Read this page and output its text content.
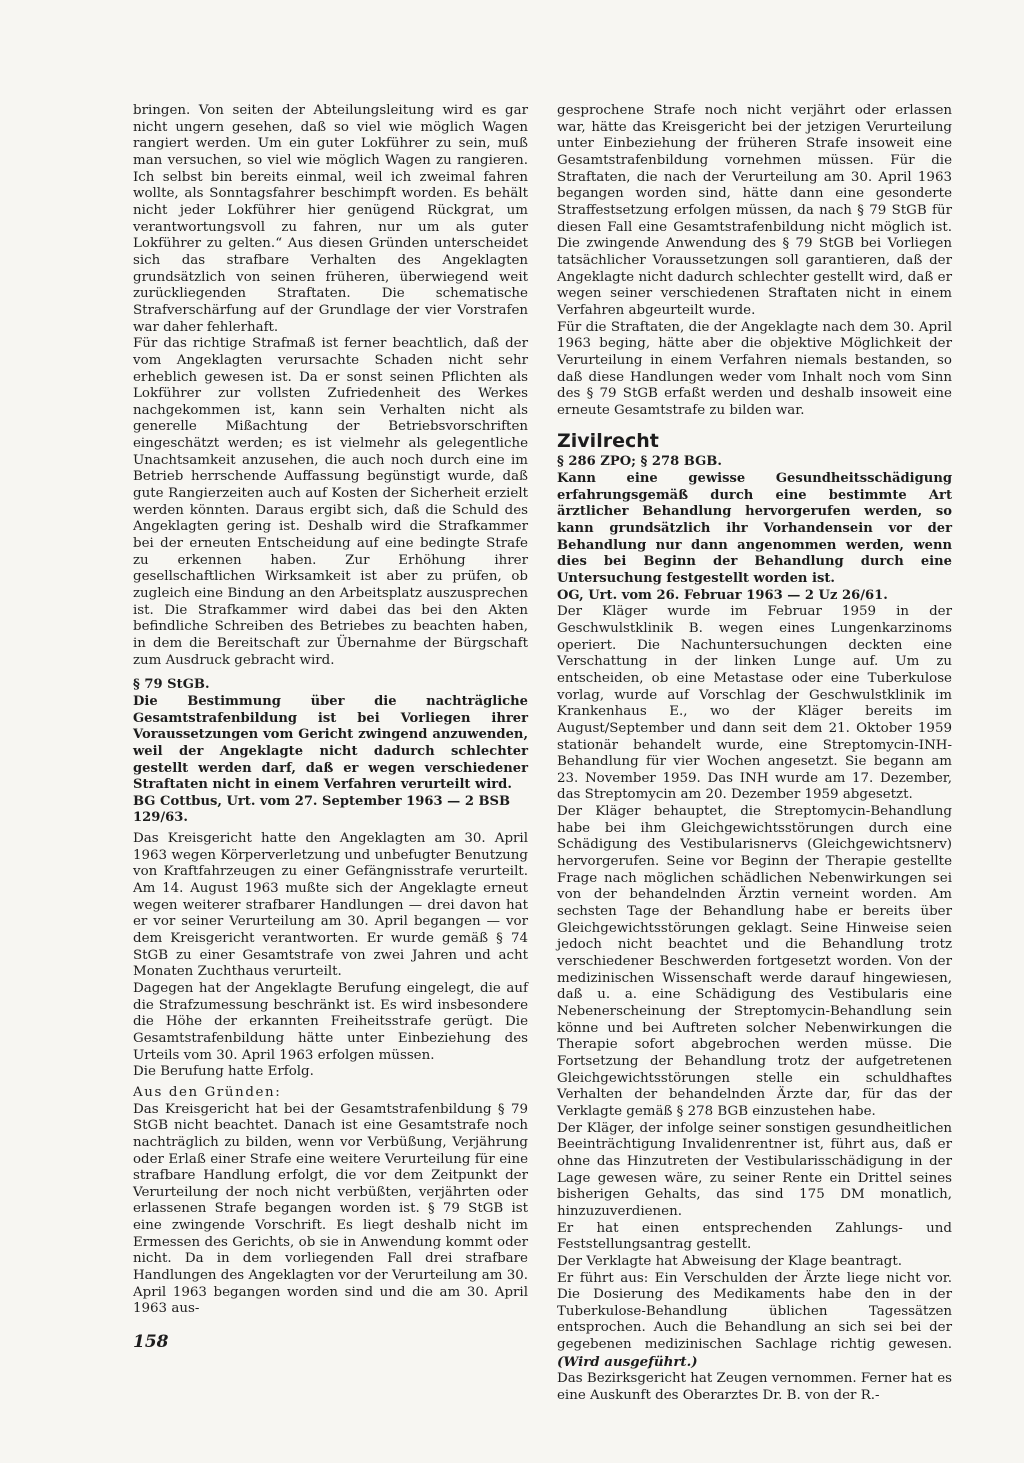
bringen. Von seiten der Abteilungsleitung wird es gar nicht ungern gesehen, daß so viel wie möglich Wagen rangiert werden. Um ein guter Lokführer zu sein, muß man versuchen, so viel wie möglich Wagen zu rangieren. Ich selbst bin bereits einmal, weil ich zweimal fahren wollte, als Sonntagsfahrer beschimpft worden. Es behält nicht jeder Lokführer hier genügend Rückgrat, um verantwortungsvoll zu fahren, nur um als guter Lokführer zu gelten.“ Aus diesen Gründen unterscheidet sich das strafbare Verhalten des Angeklagten grundsätzlich von seinen früheren, überwiegend weit zurückliegenden Straftaten. Die schematische Strafverschärfung auf der Grundlage der vier Vorstrafen war daher fehlerhaft.

Für das richtige Strafmaß ist ferner beachtlich, daß der vom Angeklagten verursachte Schaden nicht sehr erheblich gewesen ist. Da er sonst seinen Pflichten als Lokführer zur vollsten Zufriedenheit des Werkes nachgekommen ist, kann sein Verhalten nicht als generelle Mißachtung der Betriebsvorschriften eingeschätzt werden; es ist vielmehr als gelegentliche Unachtsamkeit anzusehen, die auch noch durch eine im Betrieb herrschende Auffassung begünstigt wurde, daß gute Rangierzeiten auch auf Kosten der Sicherheit erzielt werden könnten. Daraus ergibt sich, daß die Schuld des Angeklagten gering ist. Deshalb wird die Strafkammer bei der erneuten Entscheidung auf eine bedingte Strafe zu erkennen haben. Zur Erhöhung ihrer gesellschaftlichen Wirksamkeit ist aber zu prüfen, ob zugleich eine Bindung an den Arbeitsplatz auszusprechen ist. Die Strafkammer wird dabei das bei den Akten befindliche Schreiben des Betriebes zu beachten haben, in dem die Bereitschaft zur Übernahme der Bürgschaft zum Ausdruck gebracht wird.

§ 79 StGB.

Die Bestimmung über die nachträgliche Gesamtstrafenbildung ist bei Vorliegen ihrer Voraussetzungen vom Gericht zwingend anzuwenden, weil der Angeklagte nicht dadurch schlechter gestellt werden darf, daß er wegen verschiedener Straftaten nicht in einem Verfahren verurteilt wird.

BG Cottbus, Urt. vom 27. September 1963 — 2 BSB 129/63.

Das Kreisgericht hatte den Angeklagten am 30. April 1963 wegen Körperverletzung und unbefugter Benutzung von Kraftfahrzeugen zu einer Gefängnisstrafe verurteilt. Am 14. August 1963 mußte sich der Angeklagte erneut wegen weiterer strafbarer Handlungen — drei davon hat er vor seiner Verurteilung am 30. April begangen — vor dem Kreisgericht verantworten. Er wurde gemäß § 74 StGB zu einer Gesamtstrafe von zwei Jahren und acht Monaten Zuchthaus verurteilt.

Dagegen hat der Angeklagte Berufung eingelegt, die auf die Strafzumessung beschränkt ist. Es wird insbesondere die Höhe der erkannten Freiheitsstrafe gerügt. Die Gesamtstrafenbildung hätte unter Einbeziehung des Urteils vom 30. April 1963 erfolgen müssen.

Die Berufung hatte Erfolg.

Aus den Gründen:

Das Kreisgericht hat bei der Gesamtstrafenbildung § 79 StGB nicht beachtet. Danach ist eine Gesamtstrafe noch nachträglich zu bilden, wenn vor Verbüßung, Verjährung oder Erlaß einer Strafe eine weitere Verurteilung für eine strafbare Handlung erfolgt, die vor dem Zeitpunkt der Verurteilung der noch nicht verbüßten, verjährten oder erlassenen Strafe begangen worden ist. § 79 StGB ist eine zwingende Vorschrift. Es liegt deshalb nicht im Ermessen des Gerichts, ob sie in Anwendung kommt oder nicht. Da in dem vorliegenden Fall drei strafbare Handlungen des Angeklagten vor der Verurteilung am 30. April 1963 begangen worden sind und die am 30. April 1963 aus-

gesprochene Strafe noch nicht verjährt oder erlassen war, hätte das Kreisgericht bei der jetzigen Verurteilung unter Einbeziehung der früheren Strafe insoweit eine Gesamtstrafenbildung vornehmen müssen. Für die Straftaten, die nach der Verurteilung am 30. April 1963 begangen worden sind, hätte dann eine gesonderte Straffestsetzung erfolgen müssen, da nach § 79 StGB für diesen Fall eine Gesamtstrafenbildung nicht möglich ist. Die zwingende Anwendung des § 79 StGB bei Vorliegen tatsächlicher Voraussetzungen soll garantieren, daß der Angeklagte nicht dadurch schlechter gestellt wird, daß er wegen seiner verschiedenen Straftaten nicht in einem Verfahren abgeurteilt wurde.

Für die Straftaten, die der Angeklagte nach dem 30. April 1963 beging, hätte aber die objektive Möglichkeit der Verurteilung in einem Verfahren niemals bestanden, so daß diese Handlungen weder vom Inhalt noch vom Sinn des § 79 StGB erfaßt werden und deshalb insoweit eine erneute Gesamtstrafe zu bilden war.

Zivilrecht

§ 286 ZPO; § 278 BGB.

Kann eine gewisse Gesundheitsschädigung erfahrungsgemäß durch eine bestimmte Art ärztlicher Behandlung hervorgerufen werden, so kann grundsätzlich ihr Vorhandensein vor der Behandlung nur dann angenommen werden, wenn dies bei Beginn der Behandlung durch eine Untersuchung festgestellt worden ist.

OG, Urt. vom 26. Februar 1963 — 2 Uz 26/61.

Der Kläger wurde im Februar 1959 in der Geschwulstklinik B. wegen eines Lungenkarzinoms operiert. Die Nachuntersuchungen deckten eine Verschattung in der linken Lunge auf. Um zu entscheiden, ob eine Metastase oder eine Tuberkulose vorlag, wurde auf Vorschlag der Geschwulstklinik im Krankenhaus E., wo der Kläger bereits im August/September und dann seit dem 21. Oktober 1959 stationär behandelt wurde, eine Streptomycin-INH-Behandlung für vier Wochen angesetzt. Sie begann am 23. November 1959. Das INH wurde am 17. Dezember, das Streptomycin am 20. Dezember 1959 abgesetzt.

Der Kläger behauptet, die Streptomycin-Behandlung habe bei ihm Gleichgewichtsstörungen durch eine Schädigung des Vestibularisnervs (Gleichgewichtsnerv) hervorgerufen. Seine vor Beginn der Therapie gestellte Frage nach möglichen schädlichen Nebenwirkungen sei von der behandelnden Ärztin verneint worden. Am sechsten Tage der Behandlung habe er bereits über Gleichgewichtsstörungen geklagt. Seine Hinweise seien jedoch nicht beachtet und die Behandlung trotz verschiedener Beschwerden fortgesetzt worden. Von der medizinischen Wissenschaft werde darauf hingewiesen, daß u. a. eine Schädigung des Vestibularis eine Nebenerscheinung der Streptomycin-Behandlung sein könne und bei Auftreten solcher Nebenwirkungen die Therapie sofort abgebrochen werden müsse. Die Fortsetzung der Behandlung trotz der aufgetretenen Gleichgewichtsstörungen stelle ein schuldhaftes Verhalten der behandelnden Ärzte dar, für das der Verklagte gemäß § 278 BGB einzustehen habe.

Der Kläger, der infolge seiner sonstigen gesundheitlichen Beeinträchtigung Invalidenrentner ist, führt aus, daß er ohne das Hinzutreten der Vestibularisschädigung in der Lage gewesen wäre, zu seiner Rente ein Drittel seines bisherigen Gehalts, das sind 175 DM monatlich, hinzuzuverdienen.

Er hat einen entsprechenden Zahlungs- und Feststellungsantrag gestellt.

Der Verklagte hat Abweisung der Klage beantragt.

Er führt aus: Ein Verschulden der Ärzte liege nicht vor. Die Dosierung des Medikaments habe den in der Tuberkulose-Behandlung üblichen Tagessätzen entsprochen. Auch die Behandlung an sich sei bei der gegebenen medizinischen Sachlage richtig gewesen. (Wird ausgeführt.)

Das Bezirksgericht hat Zeugen vernommen. Ferner hat es eine Auskunft des Oberarztes Dr. B. von der R.-

158
